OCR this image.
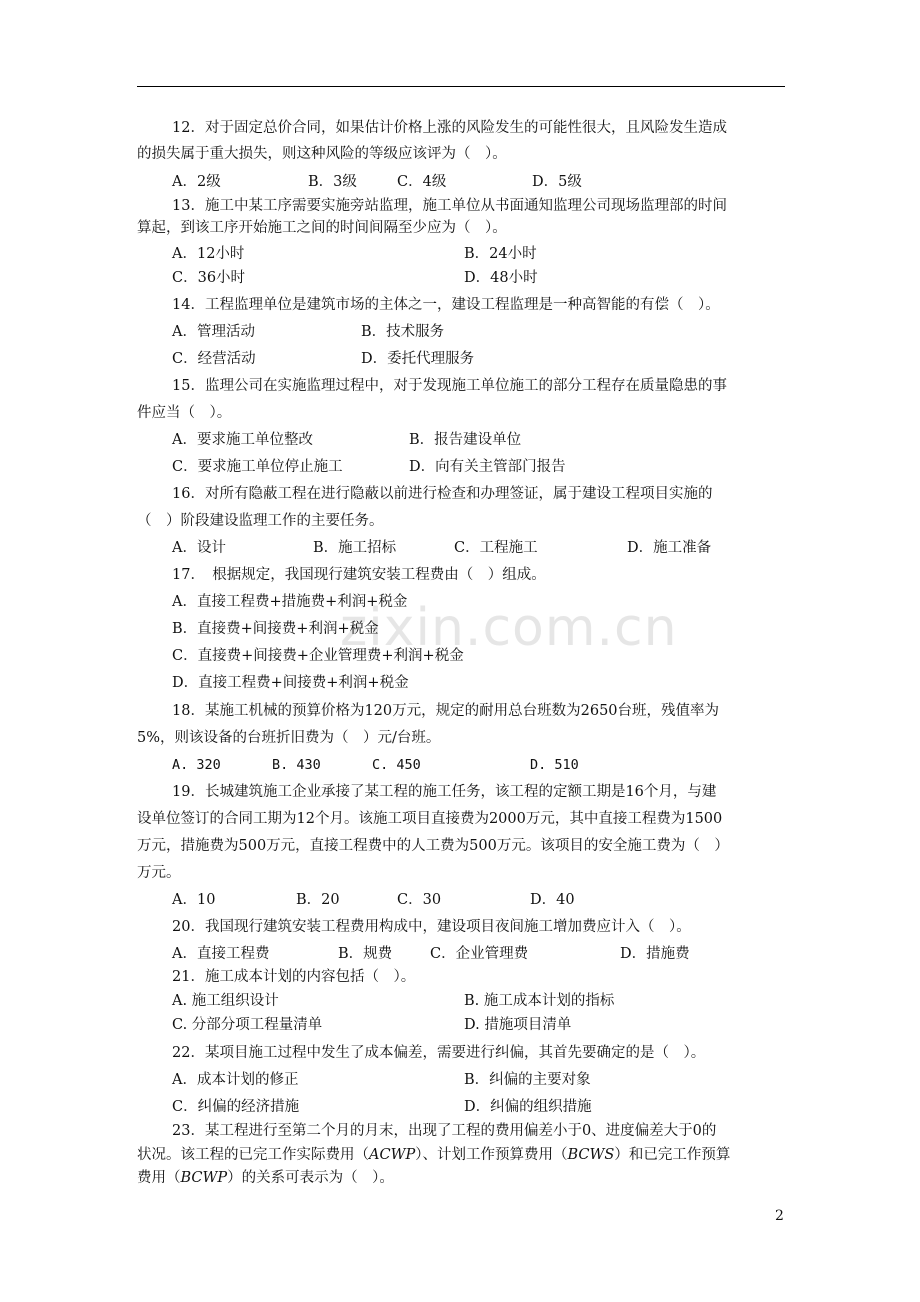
zixin.com.cn
12．对于固定总价合同，如果估计价格上涨的风险发生的可能性很大，且风险发生造成
的损失属于重大损失，则这种风险的等级应该评为（　）。
A．2级	B．3级	C．4级	D．5级
13．施工中某工序需要实施旁站监理，施工单位从书面通知监理公司现场监理部的时间
算起，到该工序开始施工之间的时间间隔至少应为（　）。
A．12小时	B．24小时
C．36小时	D．48小时
14．工程监理单位是建筑市场的主体之一，建设工程监理是一种高智能的有偿（　）。
A．管理活动	B．技术服务
C．经营活动	D．委托代理服务
15．监理公司在实施监理过程中，对于发现施工单位施工的部分工程存在质量隐患的事
件应当（　）。
A．要求施工单位整改	B．报告建设单位
C．要求施工单位停止施工	D．向有关主管部门报告
16．对所有隐蔽工程在进行隐蔽以前进行检查和办理签证，属于建设工程项目实施的
（　）阶段建设监理工作的主要任务。
A．设计	B．施工招标	C．工程施工	D．施工准备
17．　根据规定，我国现行建筑安装工程费由（　）组成。
A．直接工程费+措施费+利润+税金
B．直接费+间接费+利润+税金
C．直接费+间接费+企业管理费+利润+税金
D．直接工程费+间接费+利润+税金
18．某施工机械的预算价格为120万元，规定的耐用总台班数为2650台班，残值率为
5%，则该设备的台班折旧费为（　）元/台班。
A. 320	B. 430	C. 450	D. 510
19．长城建筑施工企业承接了某工程的施工任务，该工程的定额工期是16个月，与建
设单位签订的合同工期为12个月。该施工项目直接费为2000万元，其中直接工程费为1500
万元，措施费为500万元，直接工程费中的人工费为500万元。该项目的安全施工费为（　）
万元。
A．10	B．20	C．30	D．40
20．我国现行建筑安装工程费用构成中，建设项目夜间施工增加费应计入（　）。
A．直接工程费	B．规费	C．企业管理费	D．措施费
21．施工成本计划的内容包括（　）。
A. 施工组织设计	B. 施工成本计划的指标
C. 分部分项工程量清单	D. 措施项目清单
22．某项目施工过程中发生了成本偏差，需要进行纠偏，其首先要确定的是（　）。
A．成本计划的修正	B．纠偏的主要对象
C．纠偏的经济措施	D．纠偏的组织措施
23．某工程进行至第二个月的月末，出现了工程的费用偏差小于0、进度偏差大于0的
状况。该工程的已完工作实际费用（ACWP）、计划工作预算费用（BCWS）和已完工作预算
费用（BCWP）的关系可表示为（　）。
2
